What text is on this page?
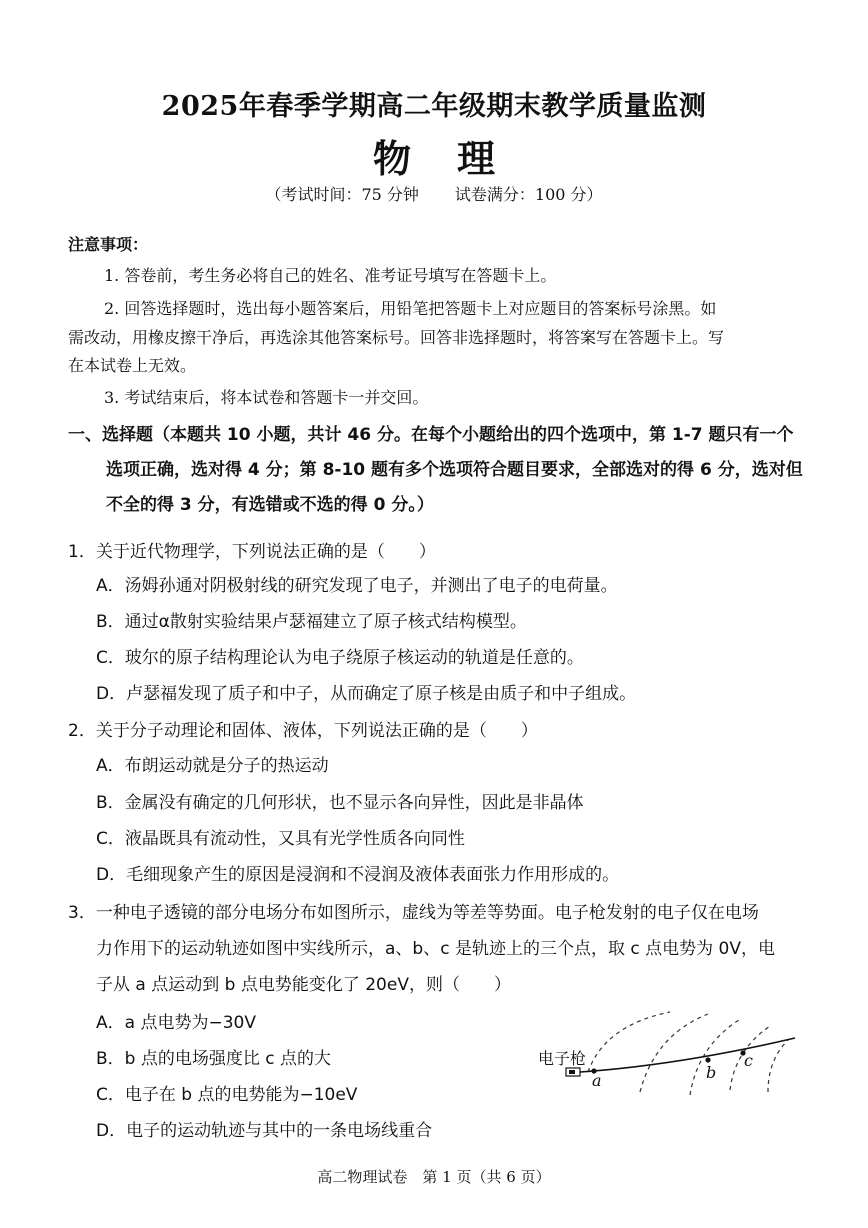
2025年春季学期高二年级期末教学质量监测
物 理
（考试时间：75 分钟 试卷满分：100 分）
注意事项：
1. 答卷前，考生务必将自己的姓名、准考证号填写在答题卡上。
2. 回答选择题时，选出每小题答案后，用铅笔把答题卡上对应题目的答案标号涂黑。如
需改动，用橡皮擦干净后，再选涂其他答案标号。回答非选择题时，将答案写在答题卡上。写
在本试卷上无效。
3. 考试结束后，将本试卷和答题卡一并交回。
一、选择题（本题共 10 小题，共计 46 分。在每个小题给出的四个选项中，第 1-7 题只有一个
选项正确，选对得 4 分；第 8-10 题有多个选项符合题目要求，全部选对的得 6 分，选对但
不全的得 3 分，有选错或不选的得 0 分。）
1．关于近代物理学，下列说法正确的是（　　）
A．汤姆孙通对阴极射线的研究发现了电子，并测出了电子的电荷量。
B．通过α散射实验结果卢瑟福建立了原子核式结构模型。
C．玻尔的原子结构理论认为电子绕原子核运动的轨道是任意的。
D．卢瑟福发现了质子和中子，从而确定了原子核是由质子和中子组成。
2．关于分子动理论和固体、液体，下列说法正确的是（　　）
A．布朗运动就是分子的热运动
B．金属没有确定的几何形状，也不显示各向异性，因此是非晶体
C．液晶既具有流动性，又具有光学性质各向同性
D．毛细现象产生的原因是浸润和不浸润及液体表面张力作用形成的。
3．一种电子透镜的部分电场分布如图所示，虚线为等差等势面。电子枪发射的电子仅在电场
力作用下的运动轨迹如图中实线所示，a、b、c 是轨迹上的三个点，取 c 点电势为 0V，电
子从 a 点运动到 b 点电势能变化了 20eV，则（　　）
A．a 点电势为−30V
B．b 点的电场强度比 c 点的大
C．电子在 b 点的电势能为−10eV
D．电子的运动轨迹与其中的一条电场线重合
电子枪
a	b
c
高二物理试卷　第 1 页（共 6 页）
